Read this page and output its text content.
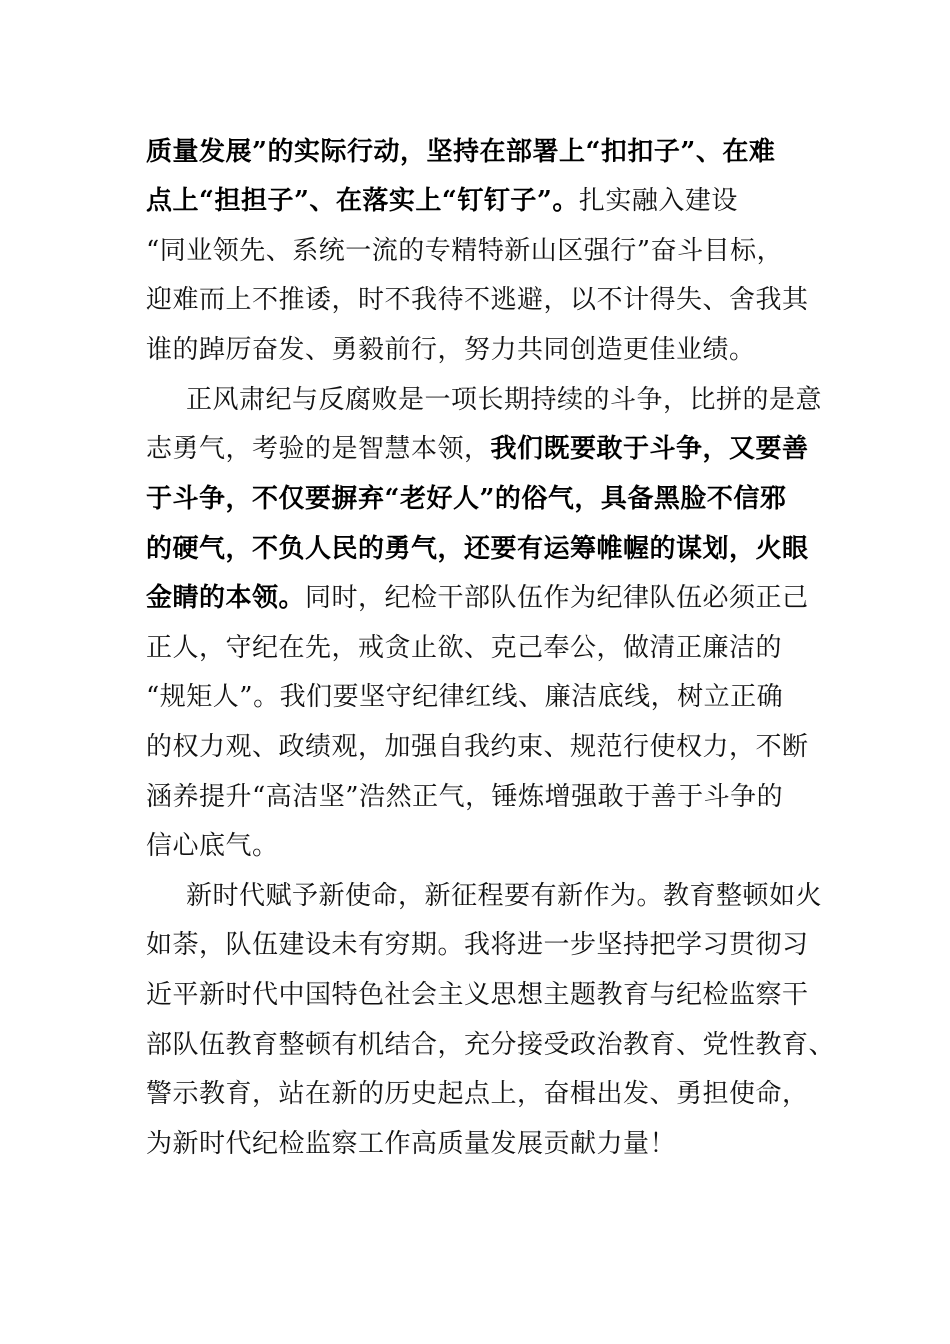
质量发展”的实际行动，坚持在部署上“扣扣子”、在难
点上“担担子”、在落实上“钉钉子”。扎实融入建设
“同业领先、系统一流的专精特新山区强行”奋斗目标，
迎难而上不推诿，时不我待不逃避，以不计得失、舍我其
谁的踔厉奋发、勇毅前行，努力共同创造更佳业绩。
正风肃纪与反腐败是一项长期持续的斗争，比拼的是意
志勇气，考验的是智慧本领，我们既要敢于斗争，又要善
于斗争，不仅要摒弃“老好人”的俗气，具备黑脸不信邪
的硬气，不负人民的勇气，还要有运筹帷幄的谋划，火眼
金睛的本领。同时，纪检干部队伍作为纪律队伍必须正己
正人，守纪在先，戒贪止欲、克己奉公，做清正廉洁的
“规矩人”。我们要坚守纪律红线、廉洁底线，树立正确
的权力观、政绩观，加强自我约束、规范行使权力，不断
涵养提升“高洁坚”浩然正气，锤炼增强敢于善于斗争的
信心底气。
新时代赋予新使命，新征程要有新作为。教育整顿如火
如荼，队伍建设未有穷期。我将进一步坚持把学习贯彻习
近平新时代中国特色社会主义思想主题教育与纪检监察干
部队伍教育整顿有机结合，充分接受政治教育、党性教育、
警示教育，站在新的历史起点上，奋楫出发、勇担使命，
为新时代纪检监察工作高质量发展贡献力量！
